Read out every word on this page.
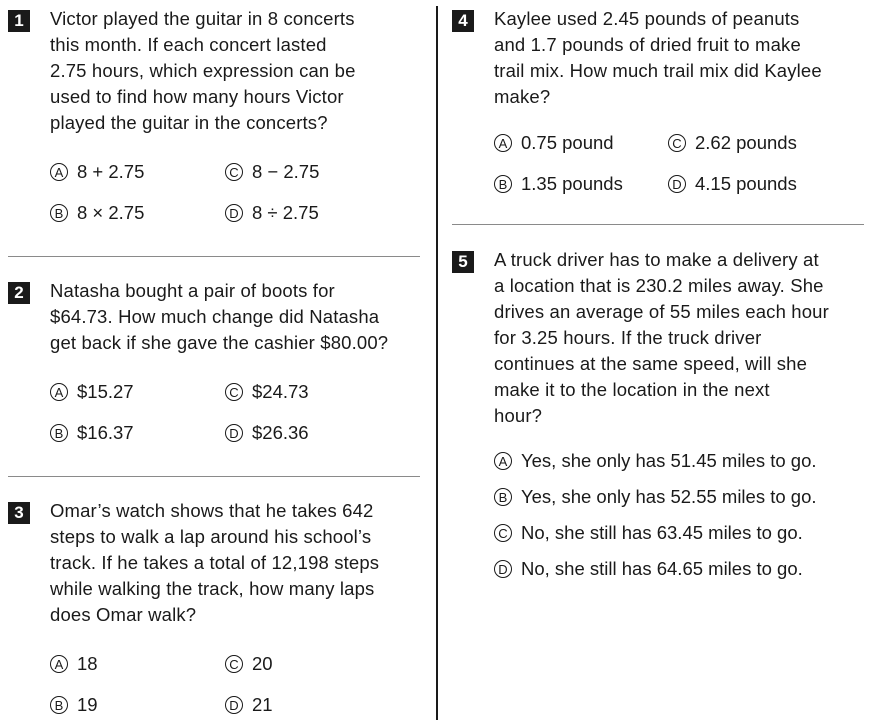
1	Victor played the guitar in 8 concerts
this month. If each concert lasted
2.75 hours, which expression can be
used to find how many hours Victor
played the guitar in the concerts?
A 8 + 2.75
B 8 × 2.75
C 8 − 2.75
D 8 ÷ 2.75
2	Natasha bought a pair of boots for
$64.73. How much change did Natasha
get back if she gave the cashier $80.00?
A $15.27
B $16.37
C $24.73
D $26.36
3	Omar’s watch shows that he takes 642
steps to walk a lap around his school’s
track. If he takes a total of 12,198 steps
while walking the track, how many laps
does Omar walk?
A 18
B 19
C 20
D 21
4	Kaylee used 2.45 pounds of peanuts
and 1.7 pounds of dried fruit to make
trail mix. How much trail mix did Kaylee
make?
A 0.75 pound
B 1.35 pounds
C 2.62 pounds
D 4.15 pounds
5	A truck driver has to make a delivery at
a location that is 230.2 miles away. She
drives an average of 55 miles each hour
for 3.25 hours. If the truck driver
continues at the same speed, will she
make it to the location in the next
hour?
A Yes, she only has 51.45 miles to go.
B Yes, she only has 52.55 miles to go.
C No, she still has 63.45 miles to go.
D No, she still has 64.65 miles to go.
